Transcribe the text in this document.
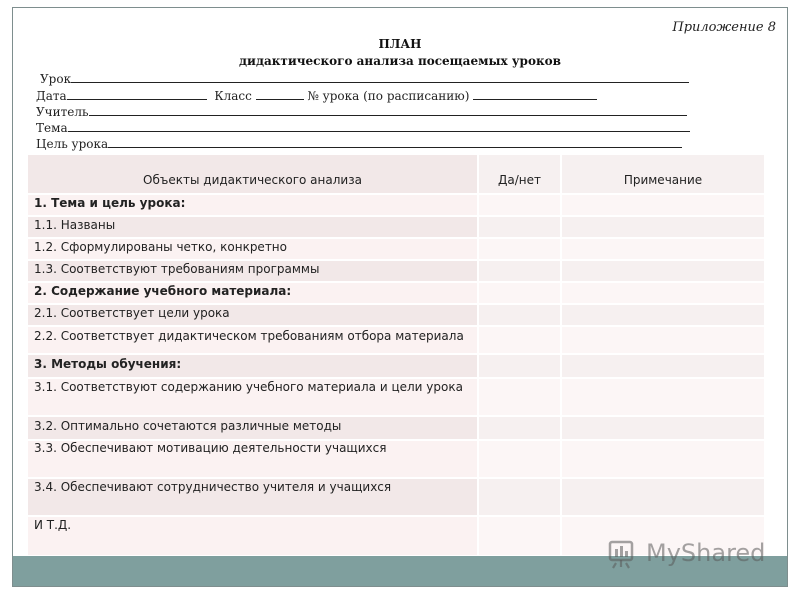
Приложение 8
ПЛАН
дидактического анализа посещаемых уроков
Урок
Дата	Класс	№ урока (по расписанию)
Учитель
Тема
Цель урока
Объекты дидактического анализа	Да/нет	Примечание
1. Тема и цель урока:
1.1. Названы
1.2. Сформулированы четко, конкретно
1.3. Соответствуют требованиям программы
2. Содержание учебного материала:
2.1. Соответствует цели урока
2.2. Соответствует дидактическом требованиям отбора материала
3. Методы обучения:
3.1. Соответствуют содержанию учебного материала и цели урока
3.2. Оптимально сочетаются различные методы
3.3. Обеспечивают мотивацию деятельности учащихся
3.4. Обеспечивают сотрудничество учителя и учащихся
И Т.Д.
MyShared
